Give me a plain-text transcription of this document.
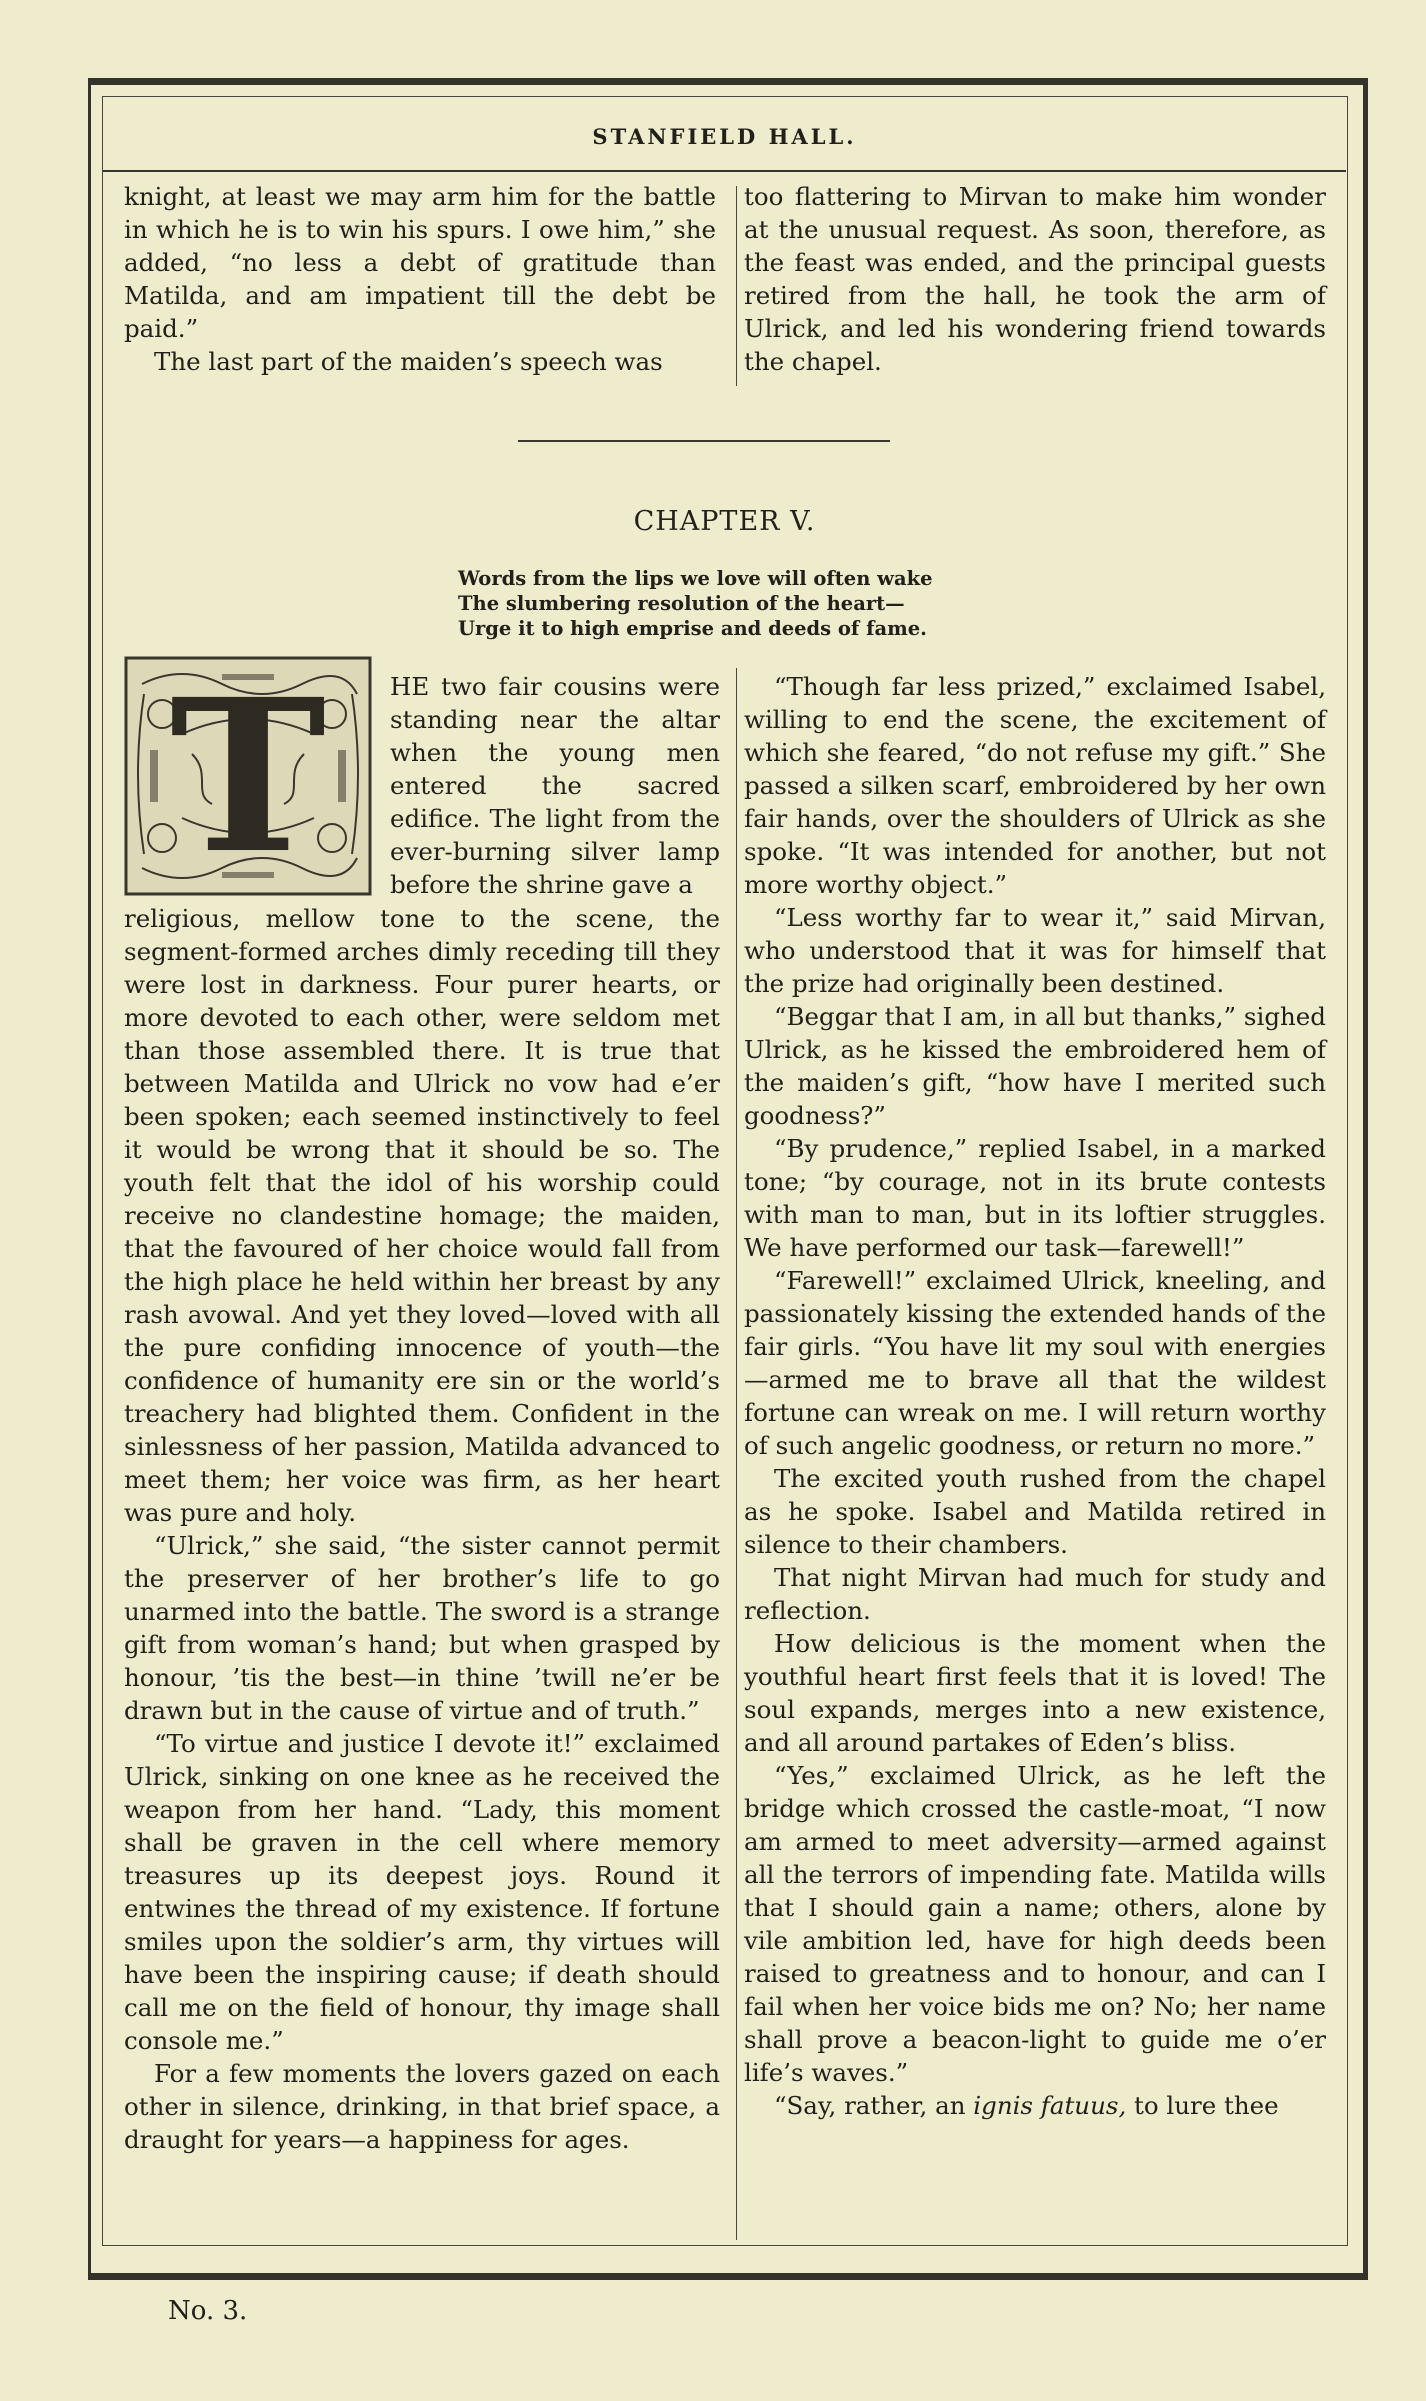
STANFIELD HALL.

knight, at least we may arm him for the battle in which he is to win his spurs. I owe him,” she added, “no less a debt of gratitude than Matilda, and am impatient till the debt be paid.”

The last part of the maiden’s speech was

too flattering to Mirvan to make him wonder at the unusual request. As soon, therefore, as the feast was ended, and the principal guests retired from the hall, he took the arm of Ulrick, and led his wondering friend towards the chapel.

CHAPTER V.
Words from the lips we love will often wake
The slumbering resolution of the heart—
Urge it to high emprise and deeds of fame.
T	HE two fair cousins were standing near the altar when the young men entered the sacred edifice. The light from the ever-burning silver lamp before the shrine gave a

religious, mellow tone to the scene, the segment-formed arches dimly receding till they were lost in darkness. Four purer hearts, or more devoted to each other, were seldom met than those assembled there. It is true that between Matilda and Ulrick no vow had e’er been spoken; each seemed instinctively to feel it would be wrong that it should be so. The youth felt that the idol of his worship could receive no clandestine homage; the maiden, that the favoured of her choice would fall from the high place he held within her breast by any rash avowal. And yet they loved—loved with all the pure confiding innocence of youth—the confidence of humanity ere sin or the world’s treachery had blighted them. Confident in the sinlessness of her passion, Matilda advanced to meet them; her voice was firm, as her heart was pure and holy.

“Ulrick,” she said, “the sister cannot permit the preserver of her brother’s life to go unarmed into the battle. The sword is a strange gift from woman’s hand; but when grasped by honour, ’tis the best—in thine ’twill ne’er be drawn but in the cause of virtue and of truth.”

“To virtue and justice I devote it!” exclaimed Ulrick, sinking on one knee as he received the weapon from her hand. “Lady, this moment shall be graven in the cell where memory treasures up its deepest joys. Round it entwines the thread of my existence. If fortune smiles upon the soldier’s arm, thy virtues will have been the inspiring cause; if death should call me on the field of honour, thy image shall console me.”

For a few moments the lovers gazed on each other in silence, drinking, in that brief space, a draught for years—a happiness for ages.

“Though far less prized,” exclaimed Isabel, willing to end the scene, the excitement of which she feared, “do not refuse my gift.” She passed a silken scarf, embroidered by her own fair hands, over the shoulders of Ulrick as she spoke. “It was intended for another, but not more worthy object.”

“Less worthy far to wear it,” said Mirvan, who understood that it was for himself that the prize had originally been destined.

“Beggar that I am, in all but thanks,” sighed Ulrick, as he kissed the embroidered hem of the maiden’s gift, “how have I merited such goodness?”

“By prudence,” replied Isabel, in a marked tone; “by courage, not in its brute contests with man to man, but in its loftier struggles. We have performed our task—farewell!”

“Farewell!” exclaimed Ulrick, kneeling, and passionately kissing the extended hands of the fair girls. “You have lit my soul with energies—armed me to brave all that the wildest fortune can wreak on me. I will return worthy of such angelic goodness, or return no more.”

The excited youth rushed from the chapel as he spoke. Isabel and Matilda retired in silence to their chambers.

That night Mirvan had much for study and reflection.

How delicious is the moment when the youthful heart first feels that it is loved! The soul expands, merges into a new existence, and all around partakes of Eden’s bliss.

“Yes,” exclaimed Ulrick, as he left the bridge which crossed the castle-moat, “I now am armed to meet adversity—armed against all the terrors of impending fate. Matilda wills that I should gain a name; others, alone by vile ambition led, have for high deeds been raised to greatness and to honour, and can I fail when her voice bids me on? No; her name shall prove a beacon-light to guide me o’er life’s waves.”

“Say, rather, an ignis fatuus, to lure thee

No. 3.
